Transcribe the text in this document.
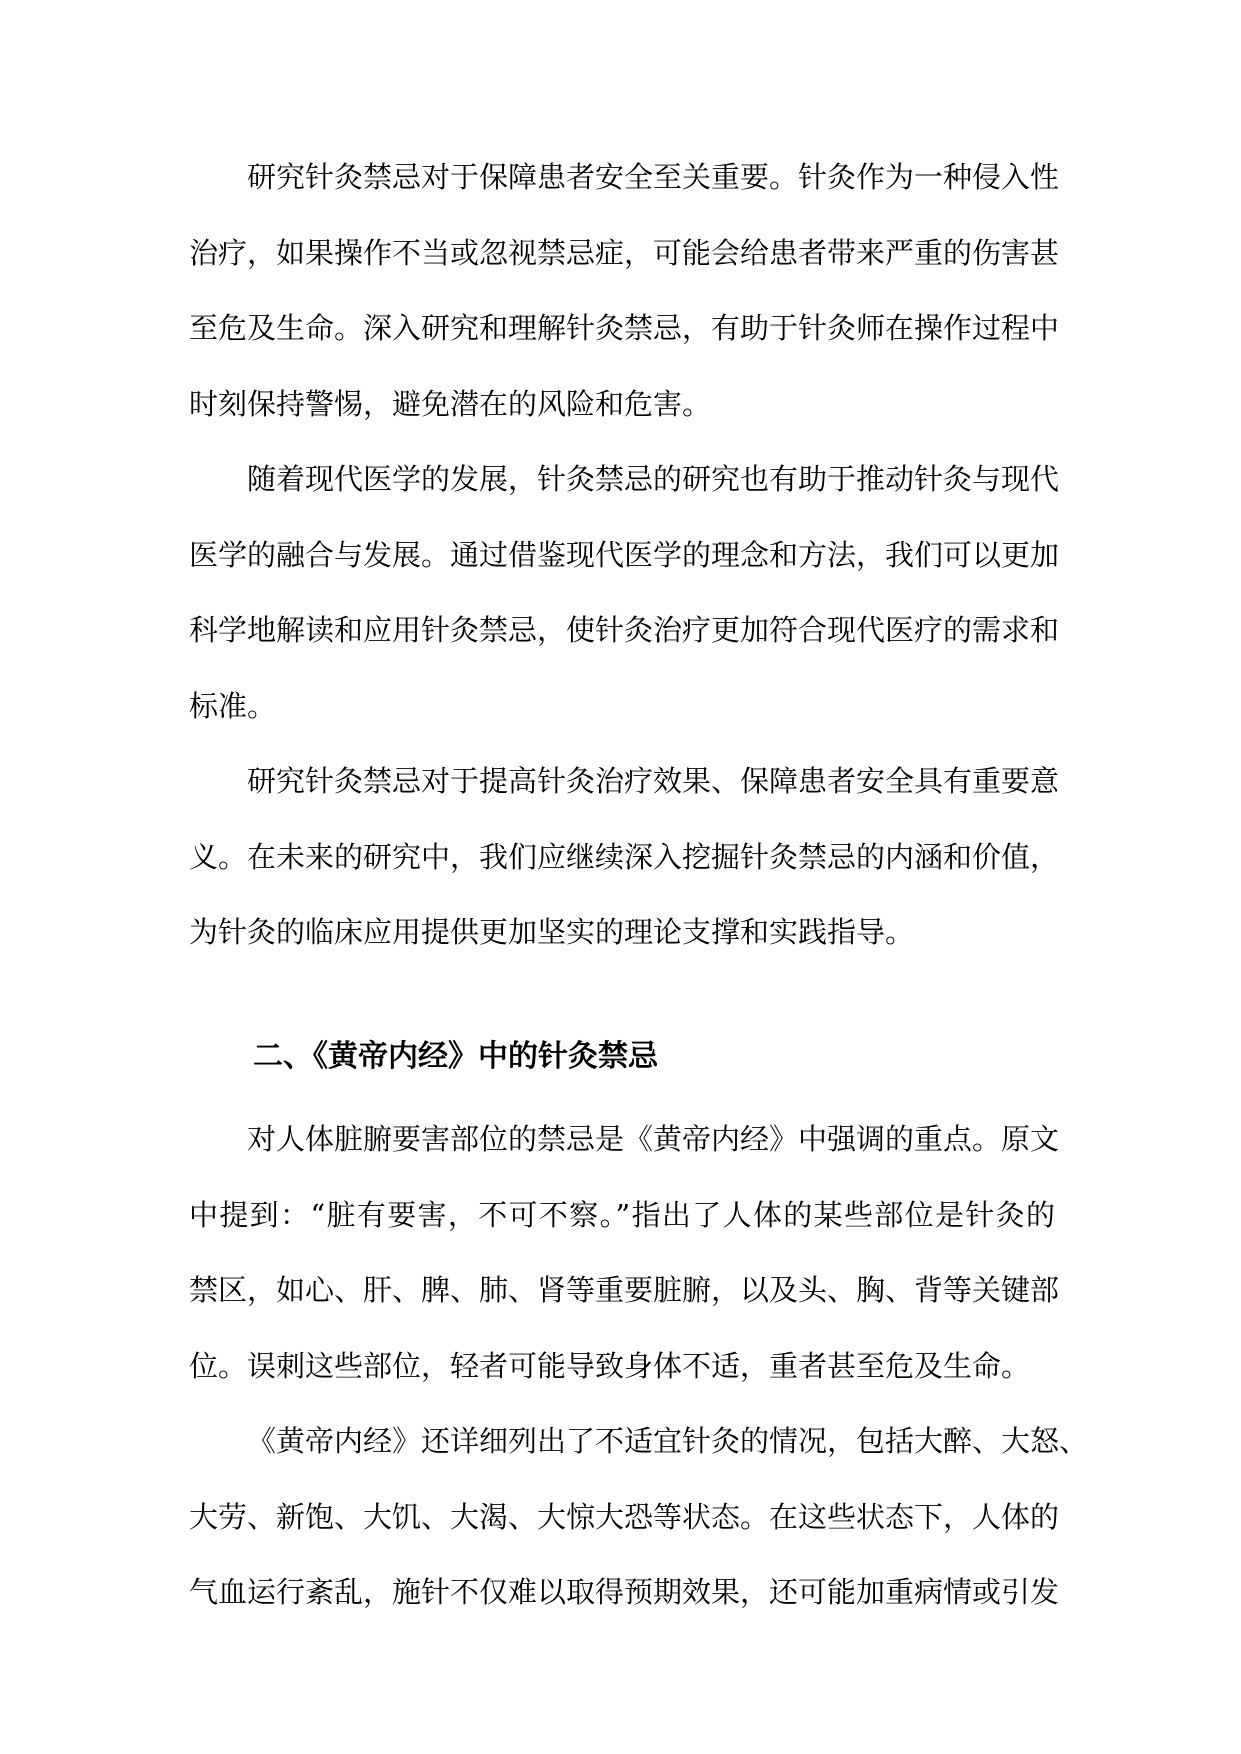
研究针灸禁忌对于保障患者安全至关重要。针灸作为一种侵入性
治疗，如果操作不当或忽视禁忌症，可能会给患者带来严重的伤害甚
至危及生命。深入研究和理解针灸禁忌，有助于针灸师在操作过程中
时刻保持警惕，避免潜在的风险和危害。

随着现代医学的发展，针灸禁忌的研究也有助于推动针灸与现代
医学的融合与发展。通过借鉴现代医学的理念和方法，我们可以更加
科学地解读和应用针灸禁忌，使针灸治疗更加符合现代医疗的需求和
标准。

研究针灸禁忌对于提高针灸治疗效果、保障患者安全具有重要意
义。在未来的研究中，我们应继续深入挖掘针灸禁忌的内涵和价值，
为针灸的临床应用提供更加坚实的理论支撑和实践指导。

二、《黄帝内经》中的针灸禁忌

对人体脏腑要害部位的禁忌是《黄帝内经》中强调的重点。原文
中提到：“脏有要害，不可不察。”指出了人体的某些部位是针灸的
禁区，如心、肝、脾、肺、肾等重要脏腑，以及头、胸、背等关键部
位。误刺这些部位，轻者可能导致身体不适，重者甚至危及生命。

《黄帝内经》还详细列出了不适宜针灸的情况，包括大醉、大怒、
大劳、新饱、大饥、大渴、大惊大恐等状态。在这些状态下，人体的
气血运行紊乱，施针不仅难以取得预期效果，还可能加重病情或引发
